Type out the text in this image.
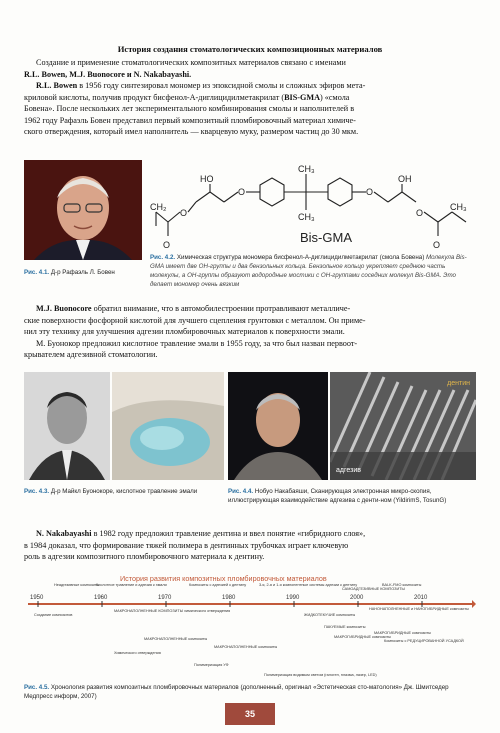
История создания стоматологических композиционных материалов
Создание и применение стоматологических композитных материалов связано с именами
R.L. Bowen, M.J. Buonocore и N. Nakabayashi.
R.L. Bowen в 1956 году синтезировал мономер из эпоксидной смолы и сложных эфиров мета-
криловой кислоты, получив продукт бисфенол-А-диглицидилметакрилат (BIS-GMA) «смола
Бовена». После нескольких лет экспериментального комбинирования смолы и наполнителей в
1962 году Рафаэль Бовен представил первый композитный пломбировочный материал химиче-
ского отверждения, который имел наполнитель — кварцевую муку, размером частиц до 30 мкм.
Рис. 4.1. Д-р Рафаэль Л. Бовен
O
HO
O
O
CH₂
CH₃
CH₃
O
OH
O
O
CH₃
Bis-GMA
Рис. 4.2. Химическая структура мономера бисфенол-А-диглицидилметакрилат (смола Бовена) Молекула Bis-GMA имеет две ОН-группы и два бензольных кольца. Бензольное кольцо укрепляет среднюю часть молекулы, а ОН-группы образуют водородные мостики с ОН-группами соседних молекул Bis-GMA. Это делает мономер очень вязким
M.J. Buonocore обратил внимание, что в автомобилестроении протравливают металличе-
ские поверхности фосфорной кислотой для лучшего сцепления грунтовки с металлом. Он приме-
нил эту технику для улучшения адгезии пломбировочных материалов к поверхности эмали.
М. Буонокор предложил кислотное травление эмали в 1955 году, за что был назван первоот-
крывателем адгезивной стоматологии.
дентин
адгезив
Рис. 4.3. Д-р Майкл Буонокоре, кислотное травление эмали	Рис. 4.4. Нобуо Накабаяши, Сканирующая электронная микро-скопия, иллюстрирующая взаимодействие адгезива с денти-ном (YildirimS, TosunG)
N. Nakabayashi в 1982 году предложил травление дентина и ввел понятие «гибридного слоя»,
в 1984 доказал, что формирование тяжей полимера в дентинных трубочках играет ключевую
роль в адгезии композитного пломбировочного материала к дентину.
История развития композитных пломбировочных материалов
1950	1960	1970	1980	1990	2000	2010
Неадгезивные композиты
Кислотное травление и адгезия к эмали	Композиты с адгезией к дентину	3-я, 2-я и 1-я компонентные системы адгезии к дентину
САМОАДГЕЗИВНЫЕ КОМПОЗИТЫ
BALK-FMO композиты
МАКРОНАПОЛНЕННЫЕ КОМПОЗИТЫ химического отверждения	НАНОНАПОЛНЕННЫЕ и НАНОГИБРИДНЫЕ композиты
Создание композитов
Химического отверждения
МАКРОНАПОЛНЕННЫЕ композиты
МАКРОНАПОЛНЕННЫЕ композиты
ЖИДКОТЕКУЧИЕ композиты
ПАКУЕМЫЕ композиты
МАКРОГИБРИДНЫЕ композиты
МАКРОГИБРИДНЫЕ композиты
Композиты с РЕДУЦИРОВАННОЙ УСАДКОЙ
Полимеризация УФ
Полимеризация видимым светом (галоген, плазма, лазер, LED)
Рис. 4.5. Хронология развития композитных пломбировочных материалов (дополненный, оригинал «Эстетическая сто-матология» Дж. Шмитседер Медпресс информ, 2007)
35
